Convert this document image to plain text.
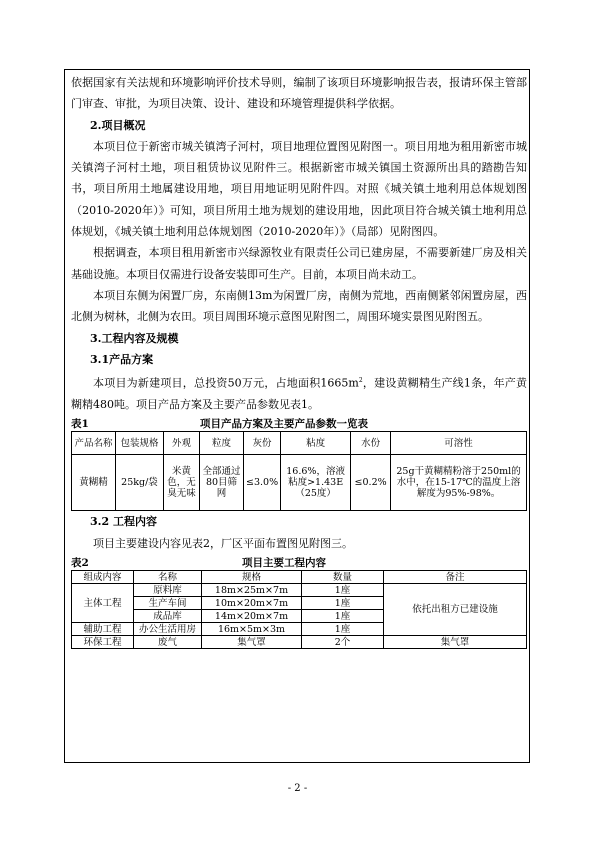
依据国家有关法规和环境影响评价技术导则，编制了该项目环境影响报告表，报请环保主管部门审查、审批，为项目决策、设计、建设和环境管理提供科学依据。

2.项目概况

本项目位于新密市城关镇湾子河村，项目地理位置图见附图一。项目用地为租用新密市城关镇湾子河村土地，项目租赁协议见附件三。根据新密市城关镇国土资源所出具的踏勘告知书，项目所用土地属建设用地，项目用地证明见附件四。对照《城关镇土地利用总体规划图（2010-2020年）》可知，项目所用土地为规划的建设用地，因此项目符合城关镇土地利用总体规划，《城关镇土地利用总体规划图（2010-2020年）》（局部）见附图四。

根据调查，本项目租用新密市兴绿源牧业有限责任公司已建房屋，不需要新建厂房及相关基础设施。本项目仅需进行设备安装即可生产。目前，本项目尚未动工。

本项目东侧为闲置厂房，东南侧13m为闲置厂房，南侧为荒地，西南侧紧邻闲置房屋，西北侧为树林，北侧为农田。项目周围环境示意图见附图二，周围环境实景图见附图五。

3.工程内容及规模
3.1产品方案

本项目为新建项目，总投资50万元，占地面积$1665m^2$，建设黄糊精生产线1条，年产黄糊精480吨。项目产品方案及主要产品参数见表1。

表1	项目产品方案及主要产品参数一览表
产品名称	包装规格	外观	粒度	灰份	粘度	水份	可溶性
黄糊精	25kg/袋	米黄色，无臭无味	全部通过80目筛网	≤3.0%	16.6%，溶液粘度>1.43E（25度）	≤0.2%	25g干黄糊精粉溶于250ml的水中，在15-17℃的温度上溶解度为95%-98%。
3.2 工程内容

项目主要建设内容见表2，厂区平面布置图见附图三。

表2	项目主要工程内容
组成内容	名称	规格	数量	备注
主体工程	原料库	18m×25m×7m	1座	依托出租方已建设施
	生产车间	10m×20m×7m	1座	
	成品库	14m×20m×7m	1座	
辅助工程	办公生活用房	16m×5m×3m	1座	
环保工程	废气	集气罩	2个	集气罩
- 2 -
